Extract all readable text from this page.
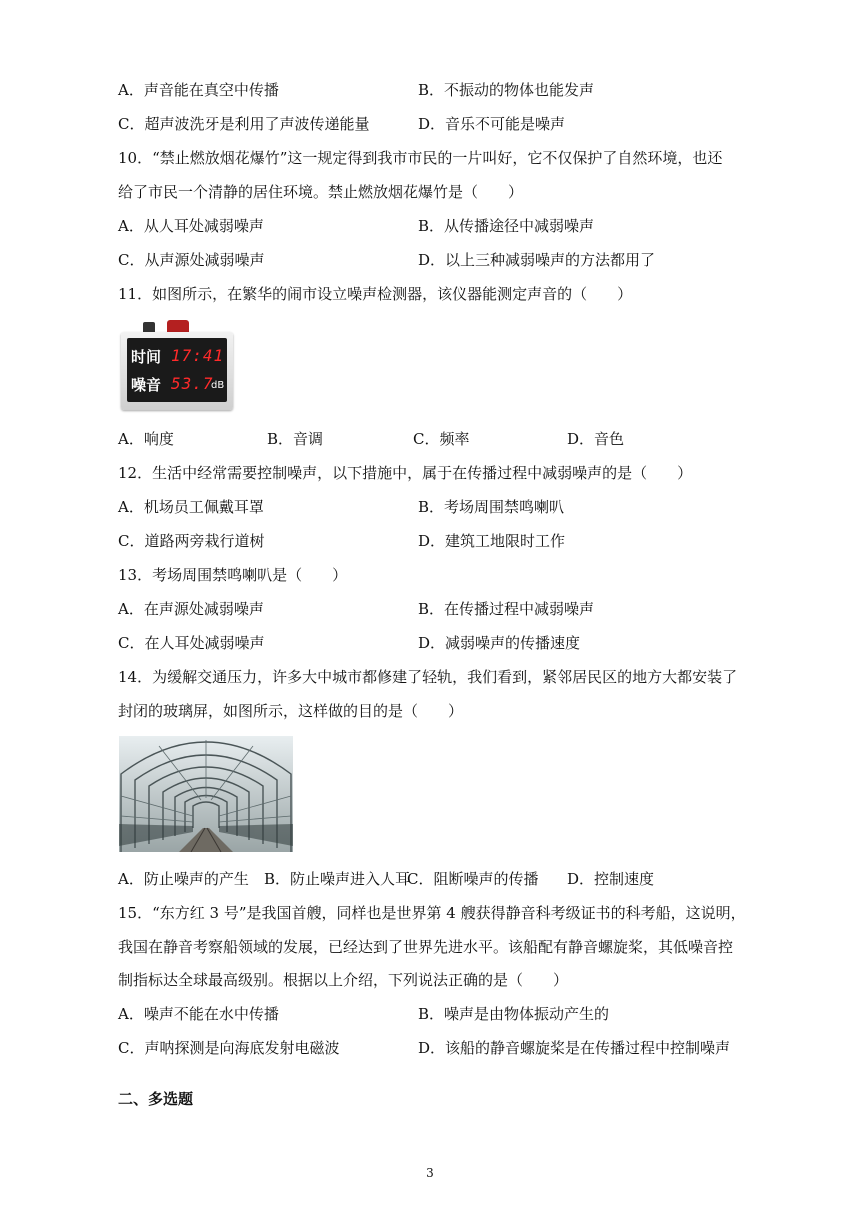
A．声音能在真空中传播	B．不振动的物体也能发声
C．超声波洗牙是利用了声波传递能量	D．音乐不可能是噪声
10．“禁止燃放烟花爆竹”这一规定得到我市市民的一片叫好，它不仅保护了自然环境，也还
给了市民一个清静的居住环境。禁止燃放烟花爆竹是（　　）
A．从人耳处减弱噪声	B．从传播途径中减弱噪声
C．从声源处减弱噪声	D．以上三种减弱噪声的方法都用了
11．如图所示，在繁华的闹市设立噪声检测器，该仪器能测定声音的（　　）
时间 17:41
噪音 53.7
dB
A．响度	B．音调	C．频率	D．音色
12．生活中经常需要控制噪声，以下措施中，属于在传播过程中减弱噪声的是（　　）
A．机场员工佩戴耳罩	B．考场周围禁鸣喇叭
C．道路两旁栽行道树	D．建筑工地限时工作
13．考场周围禁鸣喇叭是（　　）
A．在声源处减弱噪声	B．在传播过程中减弱噪声
C．在人耳处减弱噪声	D．减弱噪声的传播速度
14．为缓解交通压力，许多大中城市都修建了轻轨，我们看到，紧邻居民区的地方大都安装了
封闭的玻璃屏，如图所示，这样做的目的是（　　）
A．防止噪声的产生 B．防止噪声进入人耳
C．阻断噪声的传播 D．控制速度
15．“东方红 3 号”是我国首艘，同样也是世界第 4 艘获得静音科考级证书的科考船，这说明，
我国在静音考察船领域的发展，已经达到了世界先进水平。该船配有静音螺旋桨，其低噪音控
制指标达全球最高级别。根据以上介绍，下列说法正确的是（　　）
A．噪声不能在水中传播	B．噪声是由物体振动产生的
C．声呐探测是向海底发射电磁波	D．该船的静音螺旋桨是在传播过程中控制噪声
二、多选题
3
